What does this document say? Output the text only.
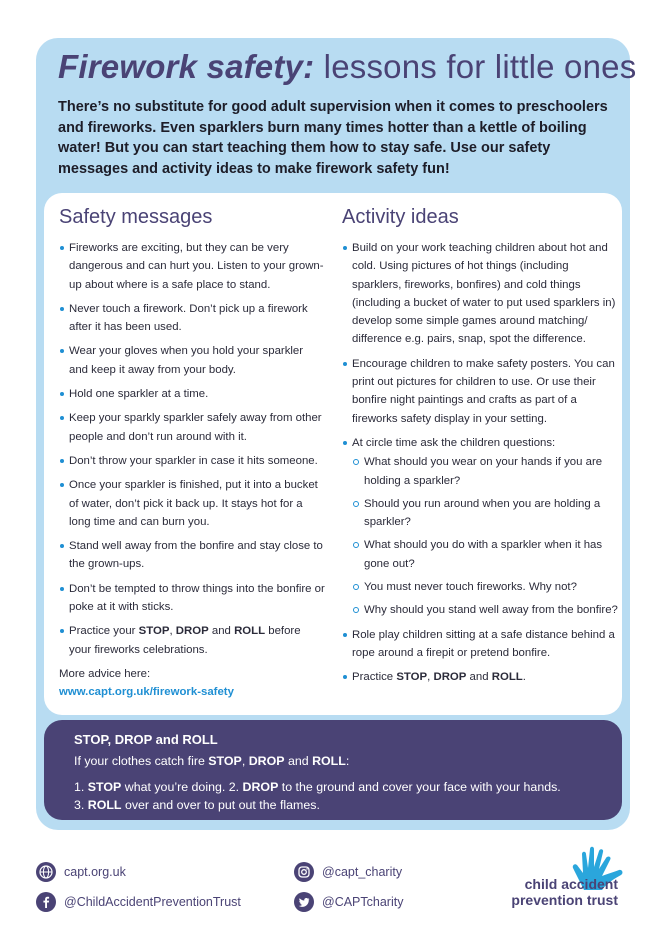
Firework safety: lessons for little ones

There’s no substitute for good adult supervision when it comes to preschoolers and fireworks. Even sparklers burn many times hotter than a kettle of boiling water! But you can start teaching them how to stay safe. Use our safety messages and activity ideas to make firework safety fun!

Safety messages
Fireworks are exciting, but they can be very dangerous and can hurt you. Listen to your grown-up about where is a safe place to stand.
Never touch a firework. Don’t pick up a firework after it has been used.
Wear your gloves when you hold your sparkler and keep it away from your body.
Hold one sparkler at a time.
Keep your sparkly sparkler safely away from other people and don’t run around with it.
Don’t throw your sparkler in case it hits someone.
Once your sparkler is finished, put it into a bucket of water, don’t pick it back up. It stays hot for a long time and can burn you.
Stand well away from the bonfire and stay close to the grown-ups.
Don’t be tempted to throw things into the bonfire or poke at it with sticks.
Practice your STOP, DROP and ROLL before your fireworks celebrations.
More advice here:
www.capt.org.uk/firework-safety
Activity ideas
Build on your work teaching children about hot and cold. Using pictures of hot things (including sparklers, fireworks, bonfires) and cold things (including a bucket of water to put used sparklers in) develop some simple games around matching/ difference e.g. pairs, snap, spot the difference.
Encourage children to make safety posters. You can print out pictures for children to use. Or use their bonfire night paintings and crafts as part of a fireworks safety display in your setting.
At circle time ask the children questions:
What should you wear on your hands if you are holding a sparkler?
Should you run around when you are holding a sparkler?
What should you do with a sparkler when it has gone out?
You must never touch fireworks. Why not?
Why should you stand well away from the bonfire?
Role play children sitting at a safe distance behind a rope around a firepit or pretend bonfire.
Practice STOP, DROP and ROLL.
STOP, DROP and ROLL
If your clothes catch fire STOP, DROP and ROLL:
1. STOP what you’re doing. 2. DROP to the ground and cover your face with your hands.
3. ROLL over and over to put out the flames.
capt.org.uk
@ChildAccidentPreventionTrust
@capt_charity
@CAPTcharity
child accident
prevention trust
